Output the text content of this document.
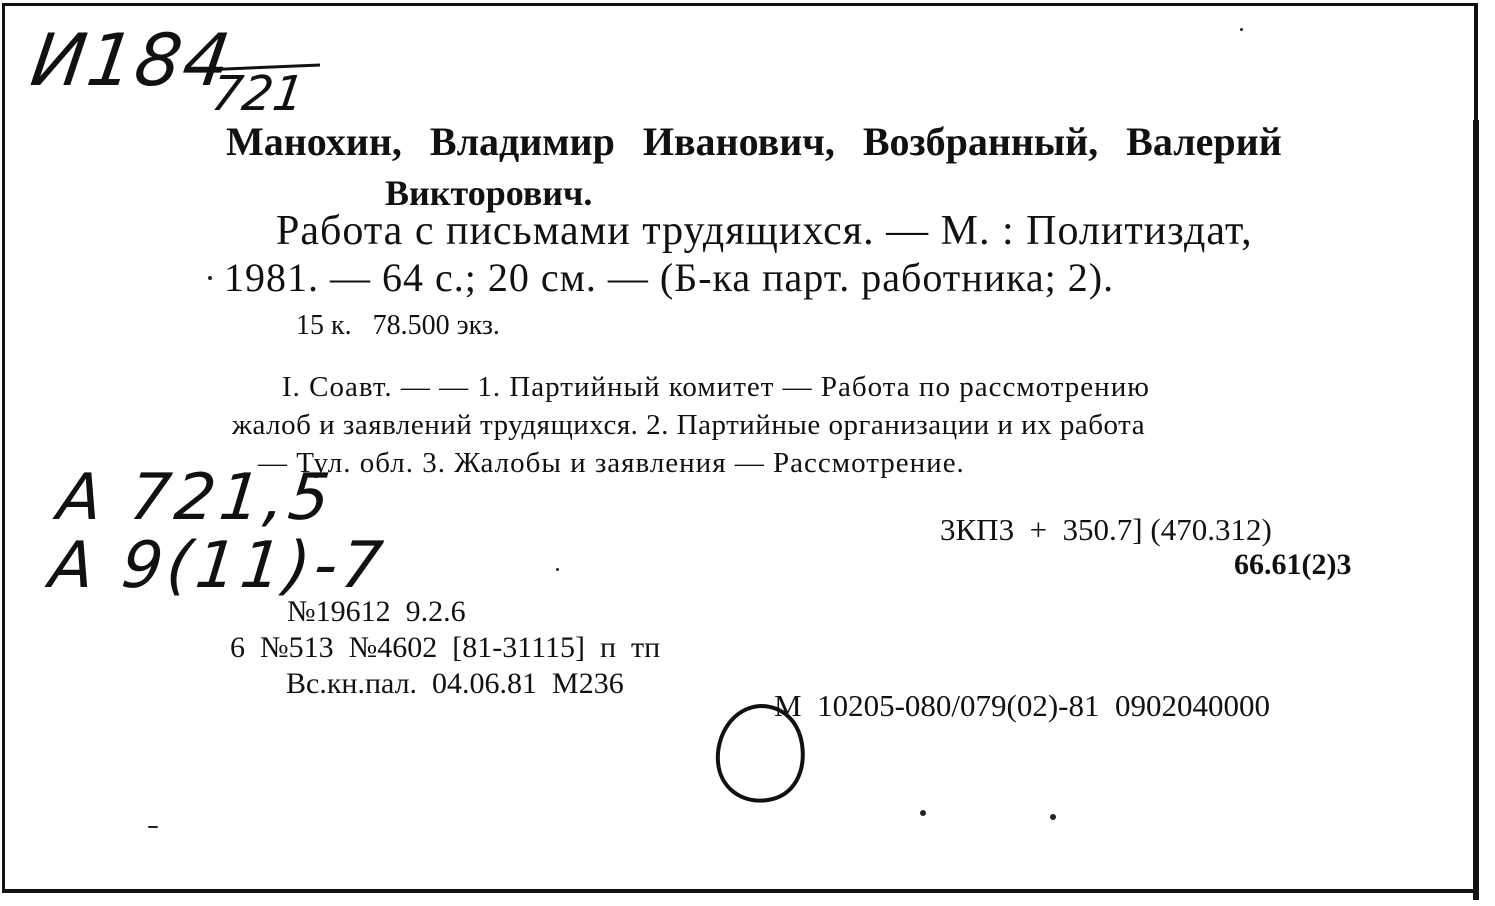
И184
721
Манохин, Владимир Иванович, Возбранный, Валерий
Викторович.
Работа с письмами трудящихся. — М. : Политиздат,
1981. — 64 с.; 20 см. — (Б-ка парт. работника; 2).
15 к.   78.500 экз.
I. Соавт. — — 1. Партийный комитет — Работа по рассмотрению
жалоб и заявлений трудящихся. 2. Партийные организации и их работа
— Тул. обл. 3. Жалобы и заявления — Рассмотрение.
А 721,5
А 9(11)-7	3КП3  +  350.7] (470.312)
66.61(2)3
№19612  9.2.6
6  №513  №4602  [81-31115]  п  тп
Вс.кн.пал.  04.06.81  М236
М  10205-080/079(02)-81  0902040000
